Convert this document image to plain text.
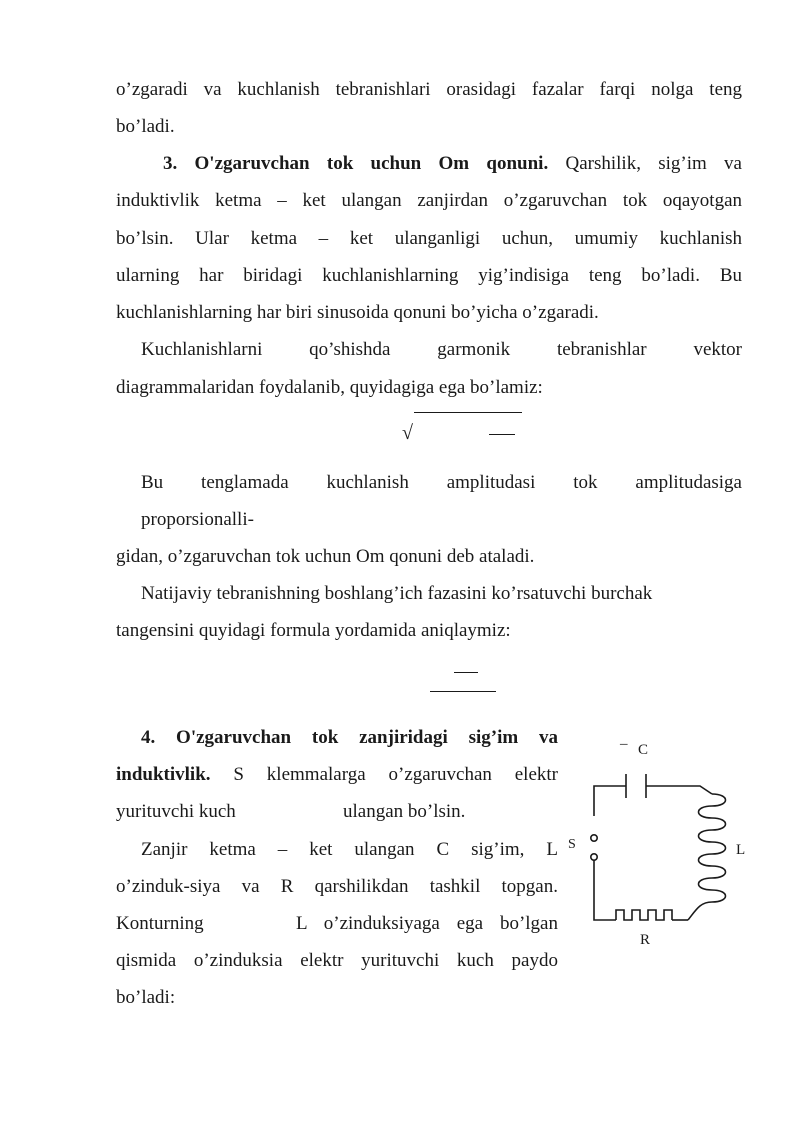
o’zgaradi va kuchlanish tebranishlari orasidagi fazalar farqi nolga teng
bo’ladi.
3. O'zgaruvchan tok uchun Om qonuni. Qarshilik, sig’im va
induktivlik ketma – ket ulangan zanjirdan o’zgaruvchan tok oqayotgan
bo’lsin. Ular ketma – ket ulanganligi uchun, umumiy kuchlanish
ularning har biridagi kuchlanishlarning yig’indisiga teng bo’ladi. Bu
kuchlanishlarning har biri sinusoida qonuni bo’yicha o’zgaradi.
Kuchlanishlarni qo’shishda garmonik tebranishlar vektor
diagrammalaridan foydalanib, quyidagiga ega bo’lamiz:
√
Bu tenglamada kuchlanish amplitudasi tok amplitudasiga
proporsionalli-
gidan, o’zgaruvchan tok uchun Om qonuni deb ataladi.
Natijaviy tebranishning boshlang’ich fazasini ko’rsatuvchi burchak
tangensini quyidagi formula yordamida aniqlaymiz:
4. O'zgaruvchan tok zanjiridagi sig’im va
induktivlik. S klemmalarga o’zgaruvchan elektr
yurituvchi kuch	ulangan bo’lsin.
Zanjir ketma – ket ulangan C sig’im, L
o’zinduk-siya va R qarshilikdan tashkil topgan.
Konturning	L o’zinduksiyaga ega bo’lgan
qismida o’zinduksia elektr yurituvchi kuch paydo
bo’ladi:
– C
S	L
R
